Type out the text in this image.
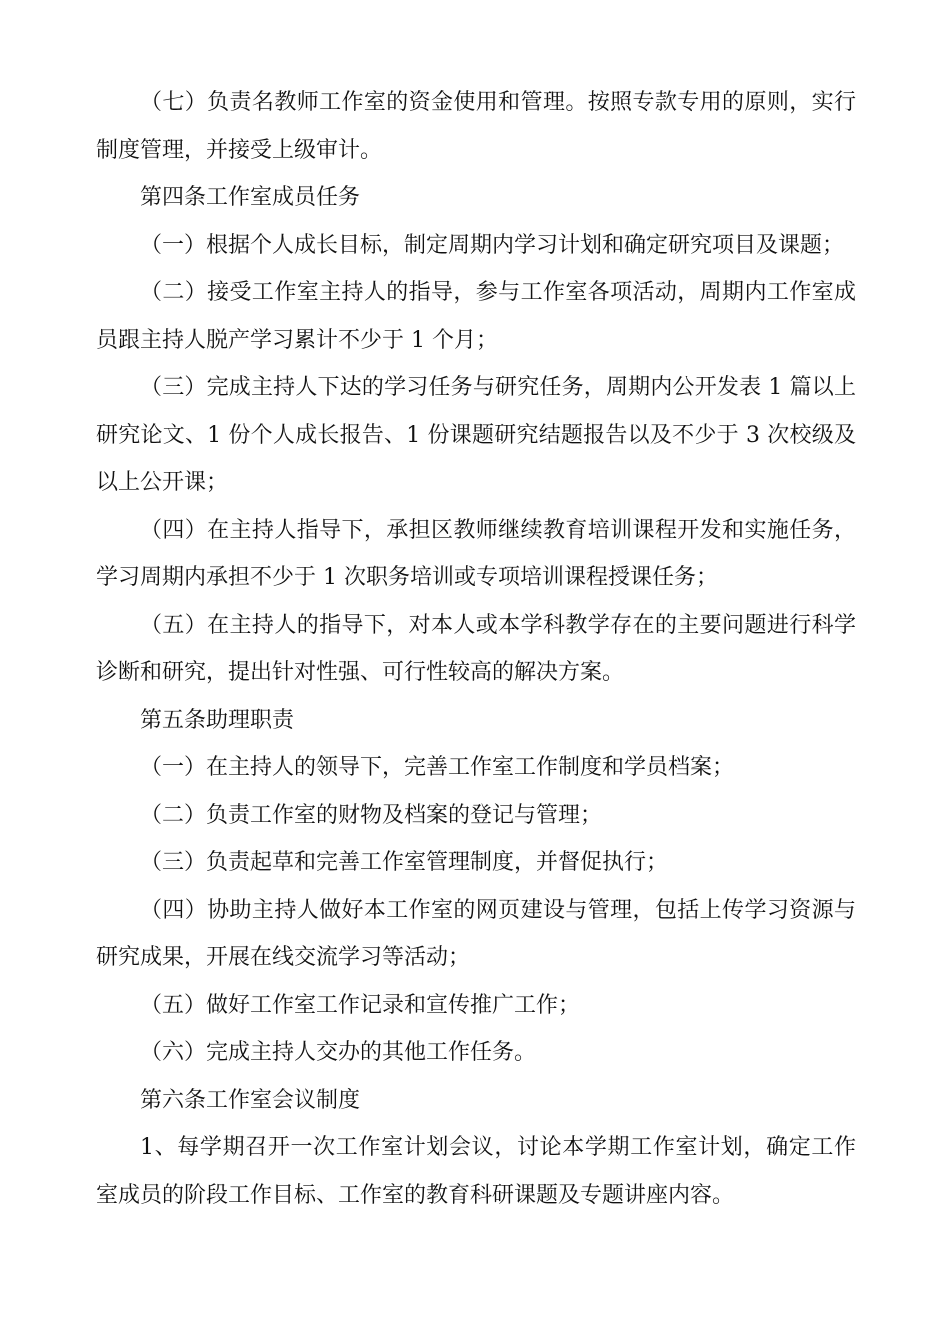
（七）负责名教师工作室的资金使用和管理。按照专款专用的原则，实行制度管理，并接受上级审计。

第四条工作室成员任务

（一）根据个人成长目标，制定周期内学习计划和确定研究项目及课题；

（二）接受工作室主持人的指导，参与工作室各项活动，周期内工作室成员跟主持人脱产学习累计不少于 1 个月；

（三）完成主持人下达的学习任务与研究任务，周期内公开发表 1 篇以上研究论文、1 份个人成长报告、1 份课题研究结题报告以及不少于 3 次校级及以上公开课；

（四）在主持人指导下，承担区教师继续教育培训课程开发和实施任务，学习周期内承担不少于 1 次职务培训或专项培训课程授课任务；

（五）在主持人的指导下，对本人或本学科教学存在的主要问题进行科学诊断和研究，提出针对性强、可行性较高的解决方案。

第五条助理职责

（一）在主持人的领导下，完善工作室工作制度和学员档案；

（二）负责工作室的财物及档案的登记与管理；

（三）负责起草和完善工作室管理制度，并督促执行；

（四）协助主持人做好本工作室的网页建设与管理，包括上传学习资源与研究成果，开展在线交流学习等活动；

（五）做好工作室工作记录和宣传推广工作；

（六）完成主持人交办的其他工作任务。

第六条工作室会议制度

1、每学期召开一次工作室计划会议，讨论本学期工作室计划，确定工作室成员的阶段工作目标、工作室的教育科研课题及专题讲座内容。
